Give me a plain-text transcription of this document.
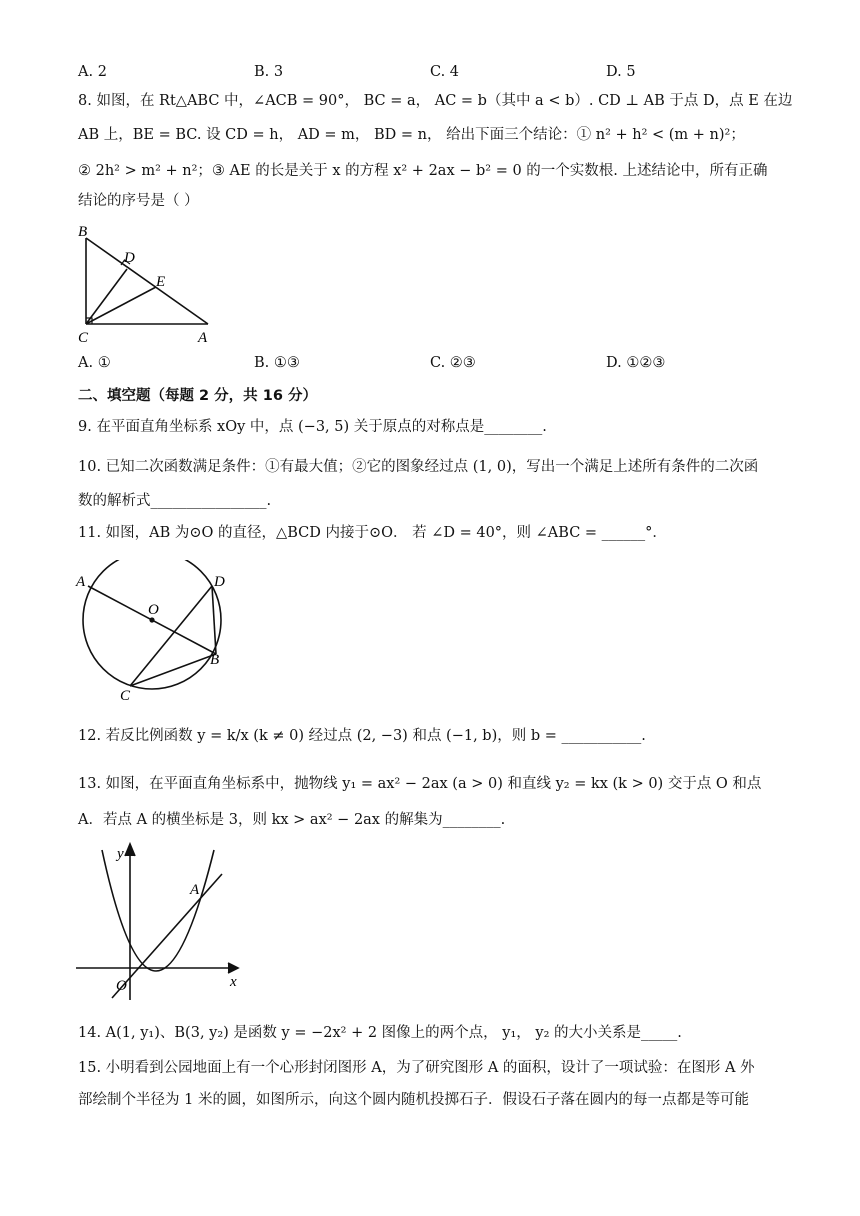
A. 2	B. 3	C. 4	D. 5
8. 如图，在 Rt△ABC 中，∠ACB = 90°， BC = a， AC = b（其中 a < b）. CD ⊥ AB 于点 D，点 E 在边
AB 上，BE = BC. 设 CD = h， AD = m， BD = n， 给出下面三个结论：① n² + h² < (m + n)²；
② 2h² > m² + n²；③ AE 的长是关于 x 的方程 x² + 2ax − b² = 0 的一个实数根. 上述结论中，所有正确
结论的序号是（ ）
B
D
E
C	A
A. ①	B. ①③	C. ②③	D. ①②③
二、填空题（每题 2 分，共 16 分）
9. 在平面直角坐标系 xOy 中，点 (−3, 5) 关于原点的对称点是________.
10. 已知二次函数满足条件：①有最大值；②它的图象经过点 (1, 0)，写出一个满足上述所有条件的二次函
数的解析式________________.
11. 如图，AB 为⊙O 的直径，△BCD 内接于⊙O． 若 ∠D = 40°，则 ∠ABC = ______°．
A
O
D
B
C
12. 若反比例函数 y = k/x (k ≠ 0) 经过点 (2, −3) 和点 (−1, b)，则 b = ___________.
13. 如图，在平面直角坐标系中，抛物线 y₁ = ax² − 2ax (a > 0) 和直线 y₂ = kx (k > 0) 交于点 O 和点
A．若点 A 的横坐标是 3，则 kx > ax² − 2ax 的解集为________.
y
x
O
A
14. A(1, y₁)、B(3, y₂) 是函数 y = −2x² + 2 图像上的两个点， y₁， y₂ 的大小关系是_____.
15. 小明看到公园地面上有一个心形封闭图形 A，为了研究图形 A 的面积，设计了一项试验：在图形 A 外
部绘制个半径为 1 米的圆，如图所示，向这个圆内随机投掷石子．假设石子落在圆内的每一点都是等可能
